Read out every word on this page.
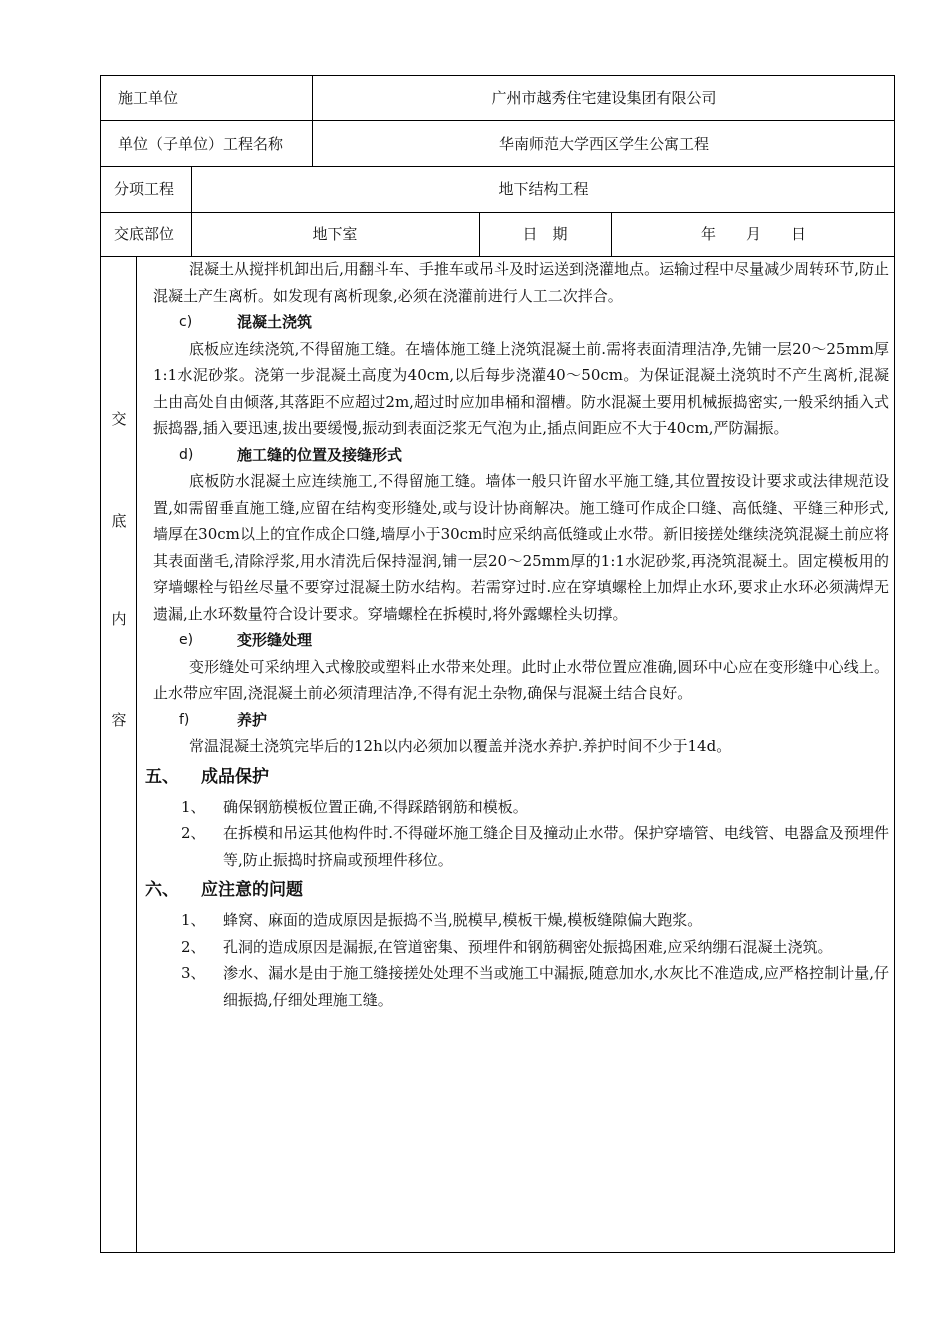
施工单位	广州市越秀住宅建设集团有限公司
单位（子单位）工程名称	华南师范大学西区学生公寓工程
分项工程	地下结构工程
交底部位	地下室	日　期	年　　月　　日
交
底
内
容

混凝土从搅拌机卸出后,用翻斗车、手推车或吊斗及时运送到浇灌地点。运输过程中尽量减少周转环节,防止混凝土产生离析。如发现有离析现象,必须在浇灌前进行人工二次拌合。

c)	混凝土浇筑

底板应连续浇筑,不得留施工缝。在墙体施工缝上浇筑混凝土前.需将表面清理洁净,先铺一层20～25mm厚1:1水泥砂浆。浇第一步混凝土高度为40cm,以后每步浇灌40～50cm。为保证混凝土浇筑时不产生离析,混凝土由高处自由倾落,其落距不应超过2m,超过时应加串桶和溜槽。防水混凝土要用机械振捣密实,一般采纳插入式振捣器,插入要迅速,拔出要缓慢,振动到表面泛浆无气泡为止,插点间距应不大于40cm,严防漏振。

d)	施工缝的位置及接缝形式

底板防水混凝土应连续施工,不得留施工缝。墙体一般只许留水平施工缝,其位置按设计要求或法律规范设置,如需留垂直施工缝,应留在结构变形缝处,或与设计协商解决。施工缝可作成企口缝、高低缝、平缝三种形式,墙厚在30cm以上的宜作成企口缝,墙厚小于30cm时应采纳高低缝或止水带。新旧接搓处继续浇筑混凝土前应将其表面凿毛,清除浮浆,用水清洗后保持湿润,铺一层20～25mm厚的1:1水泥砂浆,再浇筑混凝土。固定模板用的穿墙螺栓与铅丝尽量不要穿过混凝土防水结构。若需穿过时.应在穿填螺栓上加焊止水环,要求止水环必须满焊无遗漏,止水环数量符合设计要求。穿墙螺栓在拆模时,将外露螺栓头切撑。

e)	变形缝处理

变形缝处可采纳埋入式橡胶或塑料止水带来处理。此时止水带位置应准确,圆环中心应在变形缝中心线上。止水带应牢固,浇混凝土前必须清理洁净,不得有泥土杂物,确保与混凝土结合良好。

f)	养护

常温混凝土浇筑完毕后的12h以内必须加以覆盖并浇水养护.养护时间不少于14d。

五、 成品保护
1、 确保钢筋模板位置正确,不得踩踏钢筋和模板。
2、 在拆模和吊运其他构件时.不得碰坏施工缝企目及撞动止水带。保护穿墙管、电线管、电器盒及预埋件等,防止振捣时挤扁或预埋件移位。
六、 应注意的问题
1、 蜂窝、麻面的造成原因是振捣不当,脱模早,模板干燥,模板缝隙偏大跑浆。
2、 孔洞的造成原因是漏振,在管道密集、预埋件和钢筋稠密处振捣困难,应采纳绷石混凝土浇筑。
3、 渗水、漏水是由于施工缝接搓处处理不当或施工中漏振,随意加水,水灰比不准造成,应严格控制计量,仔细振捣,仔细处理施工缝。
